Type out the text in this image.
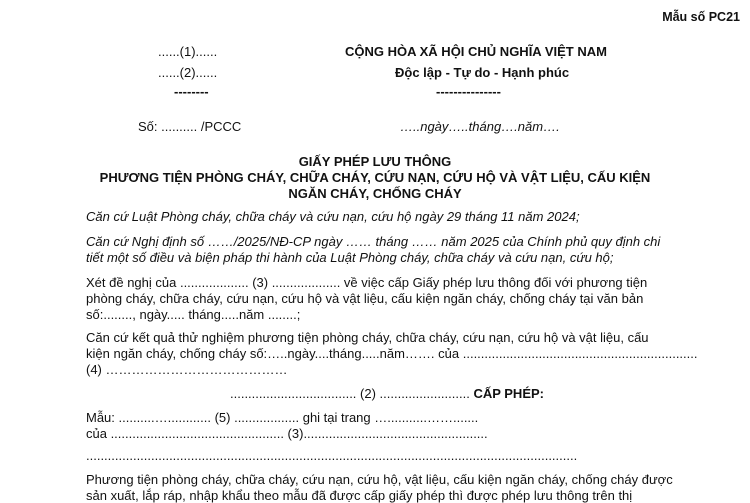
Mẫu số PC21
......(1)......
......(2)......
--------
Số: .......... /PCCC
CỘNG HÒA XÃ HỘI CHỦ NGHĨA VIỆT NAM
Độc lập - Tự do - Hạnh phúc
---------------
…..ngày…..tháng….năm….
GIẤY PHÉP LƯU THÔNG
PHƯƠNG TIỆN PHÒNG CHÁY, CHỮA CHÁY, CỨU NẠN, CỨU HỘ VÀ VẬT LIỆU, CẤU KIỆN
NGĂN CHÁY, CHỐNG CHÁY
Căn cứ Luật Phòng cháy, chữa cháy và cứu nạn, cứu hộ ngày 29 tháng 11 năm 2024;
Căn cứ Nghị định số ……/2025/NĐ-CP ngày …… tháng …… năm 2025 của Chính phủ quy định chi
tiết một số điều và biện pháp thi hành của Luật Phòng cháy, chữa cháy và cứu nạn, cứu hộ;
Xét đề nghị của ................... (3) ................... về việc cấp Giấy phép lưu thông đối với phương tiện
phòng cháy, chữa cháy, cứu nạn, cứu hộ và vật liệu, cấu kiện ngăn cháy, chống cháy tại văn bản
số:........, ngày..... tháng.....năm ........;
Căn cứ kết quả thử nghiệm phương tiện phòng cháy, chữa cháy, cứu nạn, cứu hộ và vật liệu, cấu
kiện ngăn cháy, chống cháy số:…..ngày....tháng.....năm……. của .................................................................
(4) ……………………………………
................................... (2) ......................... CẤP PHÉP:
Mẫu: ..........…............ (5) .................. ghi tại trang …...........…….......
của ................................................ (3)...................................................
........................................................................................................................................
Phương tiện phòng cháy, chữa cháy, cứu nạn, cứu hộ, vật liệu, cấu kiện ngăn cháy, chống cháy được
sản xuất, lắp ráp, nhập khẩu theo mẫu đã được cấp giấy phép thì được phép lưu thông trên thị
